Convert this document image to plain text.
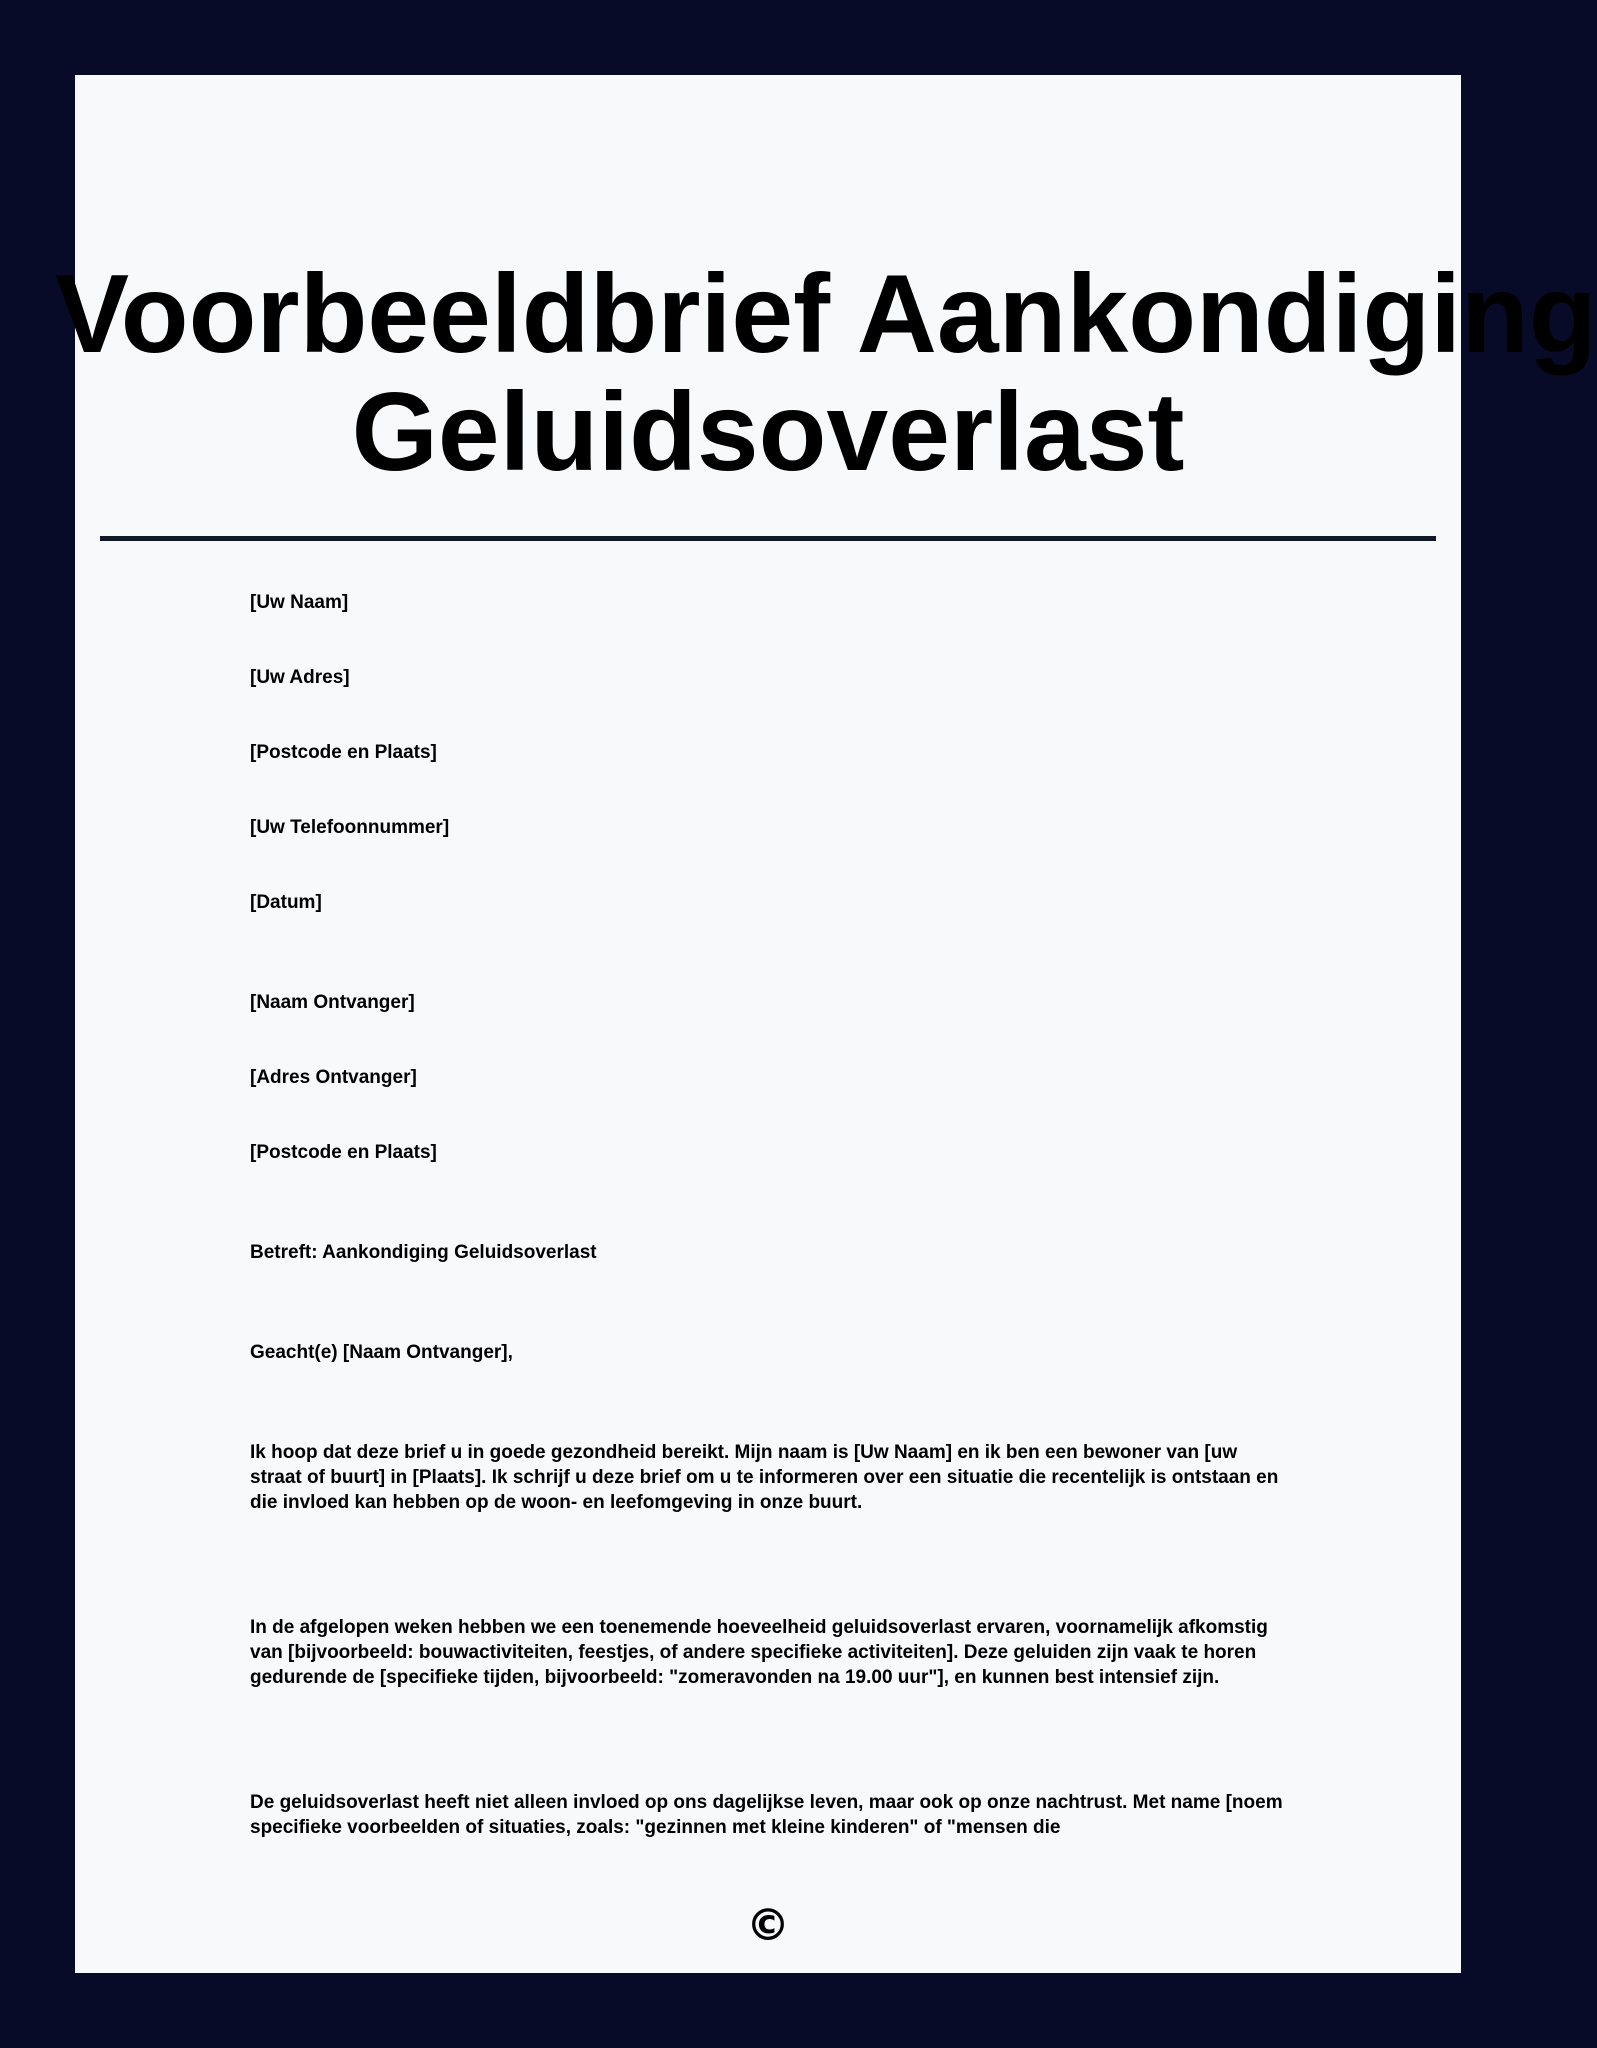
Voorbeeldbrief Aankondiging
Geluidsoverlast

[Uw Naam]

[Uw Adres]

[Postcode en Plaats]

[Uw Telefoonnummer]

[Datum]

[Naam Ontvanger]

[Adres Ontvanger]

[Postcode en Plaats]

Betreft: Aankondiging Geluidsoverlast

Geacht(e) [Naam Ontvanger],

Ik hoop dat deze brief u in goede gezondheid bereikt. Mijn naam is [Uw Naam] en ik ben een bewoner van [uw straat of buurt] in [Plaats]. Ik schrijf u deze brief om u te informeren over een situatie die recentelijk is ontstaan en die invloed kan hebben op de woon- en leefomgeving in onze buurt.

In de afgelopen weken hebben we een toenemende hoeveelheid geluidsoverlast ervaren, voornamelijk afkomstig van [bijvoorbeeld: bouwactiviteiten, feestjes, of andere specifieke activiteiten]. Deze geluiden zijn vaak te horen gedurende de [specifieke tijden, bijvoorbeeld: "zomeravonden na 19.00 uur"], en kunnen best intensief zijn.

De geluidsoverlast heeft niet alleen invloed op ons dagelijkse leven, maar ook op onze nachtrust. Met name [noem specifieke voorbeelden of situaties, zoals: "gezinnen met kleine kinderen" of "mensen die

©
